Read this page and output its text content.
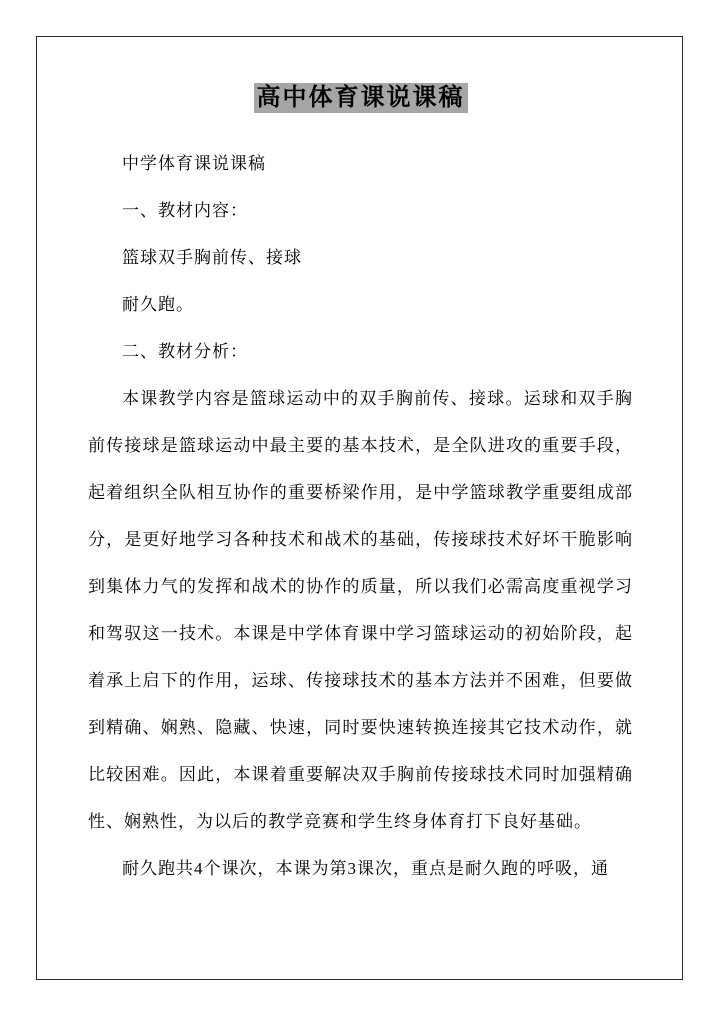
高中体育课说课稿

中学体育课说课稿

一、教材内容：

篮球双手胸前传、接球

耐久跑。

二、教材分析：

本课教学内容是篮球运动中的双手胸前传、接球。运球和双手胸前传接球是篮球运动中最主要的基本技术，是全队进攻的重要手段，起着组织全队相互协作的重要桥梁作用，是中学篮球教学重要组成部分，是更好地学习各种技术和战术的基础，传接球技术好坏干脆影响到集体力气的发挥和战术的协作的质量，所以我们必需高度重视学习和驾驭这一技术。本课是中学体育课中学习篮球运动的初始阶段，起着承上启下的作用，运球、传接球技术的基本方法并不困难，但要做到精确、娴熟、隐藏、快速，同时要快速转换连接其它技术动作，就比较困难。因此，本课着重要解决双手胸前传接球技术同时加强精确性、娴熟性，为以后的教学竞赛和学生终身体育打下良好基础。

耐久跑共4个课次，本课为第3课次，重点是耐久跑的呼吸，通
